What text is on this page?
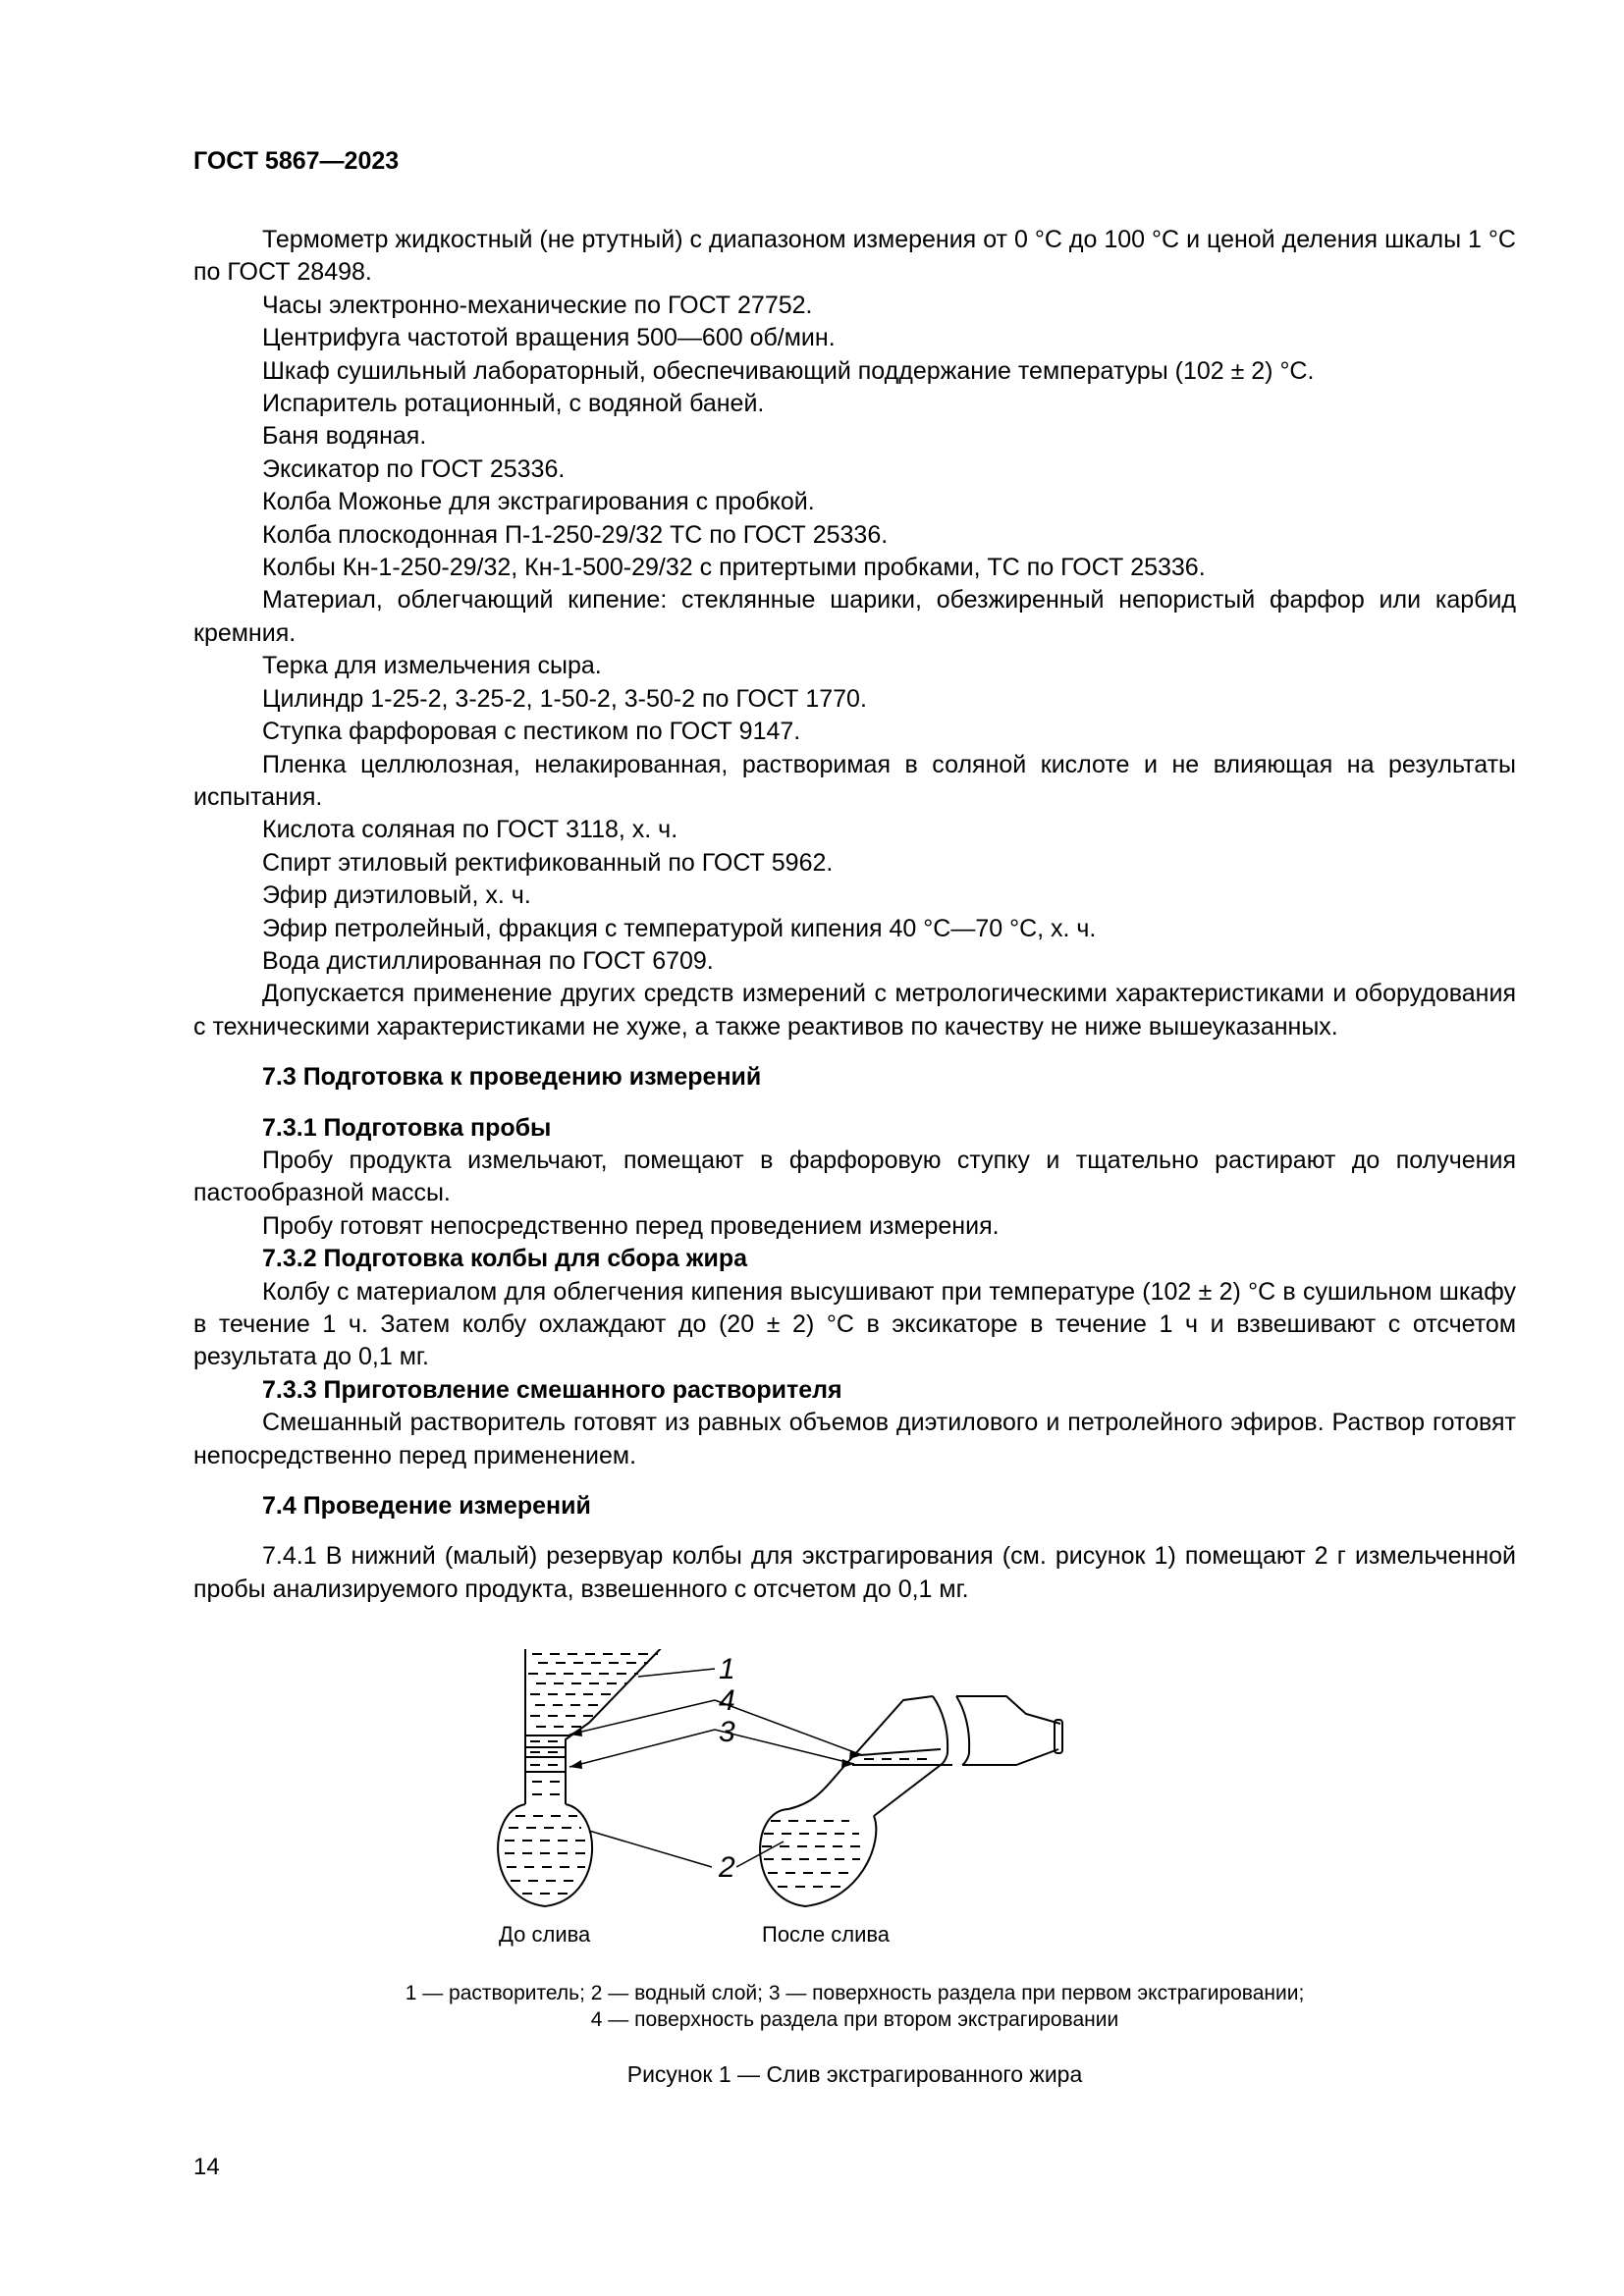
ГОСТ 5867—2023

Термометр жидкостный (не ртутный) с диапазоном измерения от 0 °С до 100 °С и ценой деления шкалы 1 °С по ГОСТ 28498.

Часы электронно-механические по ГОСТ 27752.

Центрифуга частотой вращения 500—600 об/мин.

Шкаф сушильный лабораторный, обеспечивающий поддержание температуры (102 ± 2) °С.

Испаритель ротационный, с водяной баней.

Баня водяная.

Эксикатор по ГОСТ 25336.

Колба Можонье для экстрагирования с пробкой.

Колба плоскодонная П-1-250-29/32 ТС по ГОСТ 25336.

Колбы Кн-1-250-29/32, Кн-1-500-29/32 с притертыми пробками, ТС по ГОСТ 25336.

Материал, облегчающий кипение: стеклянные шарики, обезжиренный непористый фарфор или карбид кремния.

Терка для измельчения сыра.

Цилиндр 1-25-2, 3-25-2, 1-50-2, 3-50-2 по ГОСТ 1770.

Ступка фарфоровая с пестиком по ГОСТ 9147.

Пленка целлюлозная, нелакированная, растворимая в соляной кислоте и не влияющая на результаты испытания.

Кислота соляная по ГОСТ 3118, х. ч.

Спирт этиловый ректификованный по ГОСТ 5962.

Эфир диэтиловый, х. ч.

Эфир петролейный, фракция с температурой кипения 40 °С—70 °С, х. ч.

Вода дистиллированная по ГОСТ 6709.

Допускается применение других средств измерений с метрологическими характеристиками и оборудования с техническими характеристиками не хуже, а также реактивов по качеству не ниже вышеуказанных.

7.3 Подготовка к проведению измерений

7.3.1 Подготовка пробы

Пробу продукта измельчают, помещают в фарфоровую ступку и тщательно растирают до получения пастообразной массы.

Пробу готовят непосредственно перед проведением измерения.

7.3.2 Подготовка колбы для сбора жира

Колбу с материалом для облегчения кипения высушивают при температуре (102 ± 2) °С в сушильном шкафу в течение 1 ч. Затем колбу охлаждают до (20 ± 2) °С в эксикаторе в течение 1 ч и взвешивают с отсчетом результата до 0,1 мг.

7.3.3 Приготовление смешанного растворителя

Смешанный растворитель готовят из равных объемов диэтилового и петролейного эфиров. Раствор готовят непосредственно перед применением.

7.4 Проведение измерений

7.4.1 В нижний (малый) резервуар колбы для экстрагирования (см. рисунок 1) помещают 2 г измельченной пробы анализируемого продукта, взвешенного с отсчетом до 0,1 мг.

1
4
3
2
До слива	После слива
1 — растворитель; 2 — водный слой; 3 — поверхность раздела при первом экстрагировании;
4 — поверхность раздела при втором экстрагировании
Рисунок 1 — Слив экстрагированного жира
14
